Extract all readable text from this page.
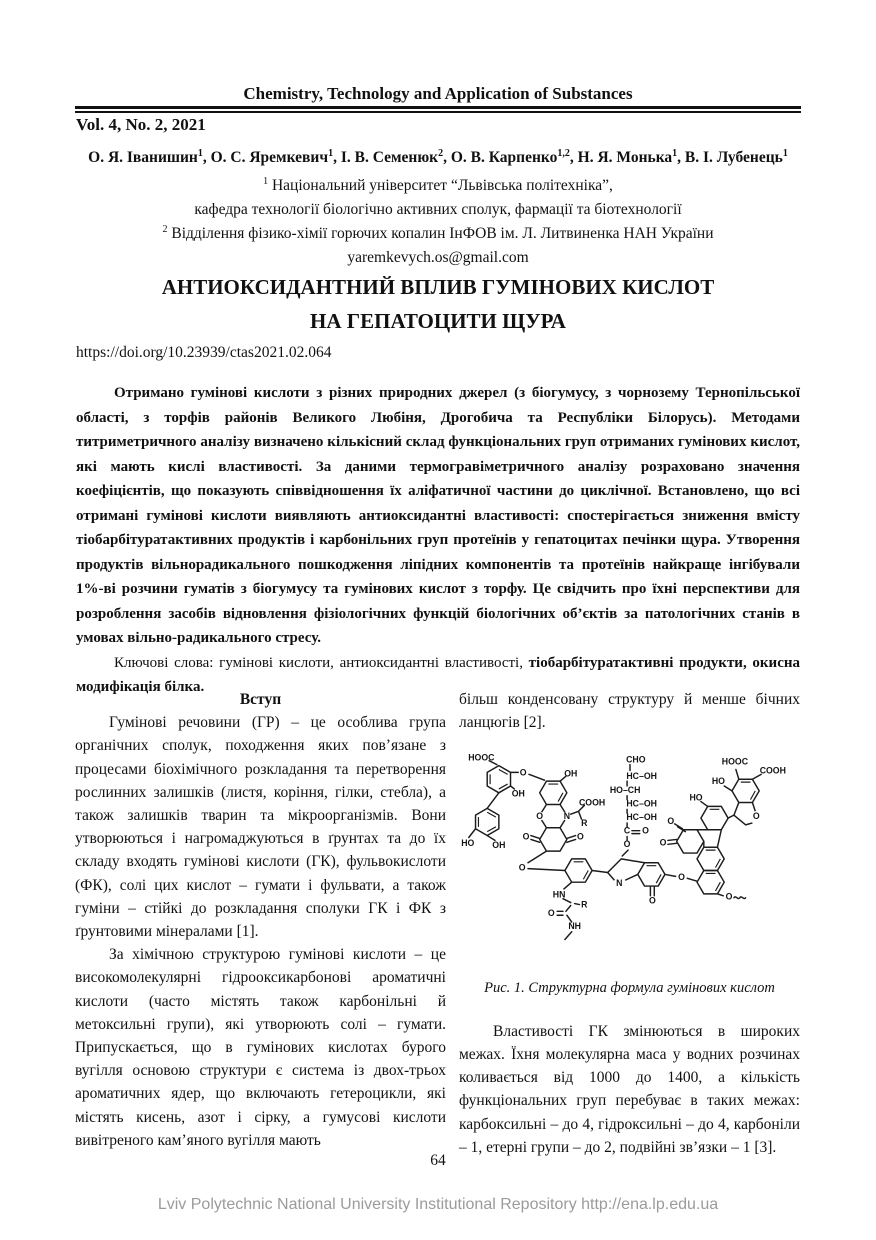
Chemistry, Technology and Application of Substances
Vol. 4, No. 2, 2021
О. Я. Іванишин$^1$, О. С. Яремкевич$^1$, І. В. Семенюк$^2$, О. В. Карпенко$^{1,2}$, Н. Я. Монька$^1$, В. І. Лубенець$^1$
$^1$ Національний університет “Львівська політехніка”,
кафедра технології біологічно активних сполук, фармації та біотехнології
$^2$ Відділення фізико-хімії горючих копалин ІнФОВ ім. Л. Литвиненка НАН України
yaremkevych.os@gmail.com
АНТИОКСИДАНТНИЙ ВПЛИВ ГУМІНОВИХ КИСЛОТ
НА ГЕПАТОЦИТИ ЩУРА
https://doi.org/10.23939/ctas2021.02.064

Отримано гумінові кислоти з різних природних джерел (з біогумусу, з чорнозему Тернопільської області, з торфів районів Великого Любіня, Дрогобича та Республіки Білорусь). Методами титриметричного аналізу визначено кількісний склад функціональних груп отриманих гумінових кислот, які мають кислі властивості. За даними термогравіметричного аналізу розраховано значення коефіцієнтів, що показують співвідношення їх аліфатичної частини до циклічної. Встановлено, що всі отримані гумінові кислоти виявляють антиоксидантні властивості: спостерігається зниження вмісту тіобарбітуратактивних продуктів і карбонільних груп протеїнів у гепатоцитах печінки щура. Утворення продуктів вільнорадикального пошкодження ліпідних компонентів та протеїнів найкраще інгібували 1%-ві розчини гуматів з біогумусу та гумінових кислот з торфу. Це свідчить про їхні перспективи для розроблення засобів відновлення фізіологічних функцій біологічних об’єктів за патологічних станів в умовах вільно-радикального стресу.

Ключові слова: гумінові кислоти, антиоксидантні властивості, тіобарбітуратактивні продукти, окисна модифікація білка.

Вступ

Гумінові речовини (ГР) – це особлива група органічних сполук, походження яких пов’язане з процесами біохімічного розкладання та перетворення рослинних залишків (листя, коріння, гілки, стебла), а також залишків тварин та мікроорганізмів. Вони утворюються і нагромаджуються в ґрунтах та до їх складу входять гумінові кислоти (ГК), фульвокислоти (ФК), солі цих кислот – гумати і фульвати, а також гуміни – стійкі до розкладання сполуки ГК і ФК з ґрунтовими мінералами [1].

За хімічною структурою гумінові кислоти – це високомолекулярні гідрооксикарбонові ароматичні кислоти (часто містять також карбонільні й метоксильні групи), які утворюють солі – гумати. Припускається, що в гумінових кислотах бурого вугілля основою структури є система із двох-трьох ароматичних ядер, що включають гетероцикли, які містять кисень, азот і сірку, а гумусові кислоти вивітреного кам’яного вугілля мають

більш конденсовану структуру й менше бічних ланцюгів [2].

HOOC
O	OH
OH
HO OH
O N
COOH
R
O	O
O
HN
R
O
NH
CHO
HC–OH
HO–CH
HC–OH
HC–OH
C O
O
N
O
O
O
O
O
HO
HO
HOOC
COOH
O
Рис. 1. Структурна формула гумінових кислот

Властивості ГК змінюються в широких межах. Їхня молекулярна маса у водних розчинах коливається від 1000 до 1400, а кількість функціональних груп перебуває в таких межах: карбоксильні – до 4, гідроксильні – до 4, карбоніли – 1, етерні групи – до 2, подвійні зв’язки – 1 [3].

64
Lviv Polytechnic National University Institutional Repository http://ena.lp.edu.ua
